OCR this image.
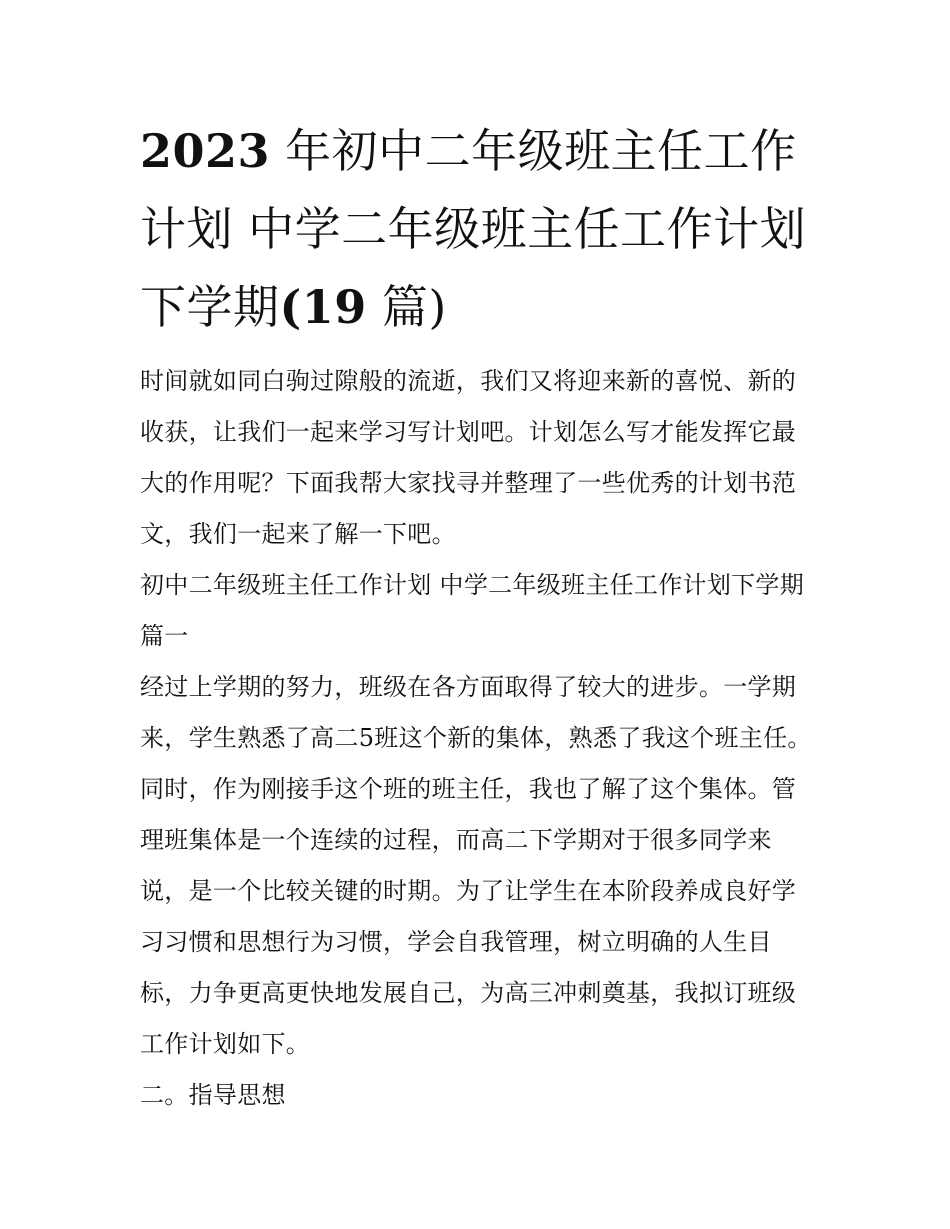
2023 年初中二年级班主任工作计划 中学二年级班主任工作计划下学期(19 篇)

时间就如同白驹过隙般的流逝，我们又将迎来新的喜悦、新的收获，让我们一起来学习写计划吧。计划怎么写才能发挥它最大的作用呢？下面我帮大家找寻并整理了一些优秀的计划书范文，我们一起来了解一下吧。

初中二年级班主任工作计划 中学二年级班主任工作计划下学期篇一

经过上学期的努力，班级在各方面取得了较大的进步。一学期来，学生熟悉了高二5班这个新的集体，熟悉了我这个班主任。同时，作为刚接手这个班的班主任，我也了解了这个集体。管理班集体是一个连续的过程，而高二下学期对于很多同学来说，是一个比较关键的时期。为了让学生在本阶段养成良好学习习惯和思想行为习惯，学会自我管理，树立明确的人生目标，力争更高更快地发展自己，为高三冲刺奠基，我拟订班级工作计划如下。

二。指导思想
